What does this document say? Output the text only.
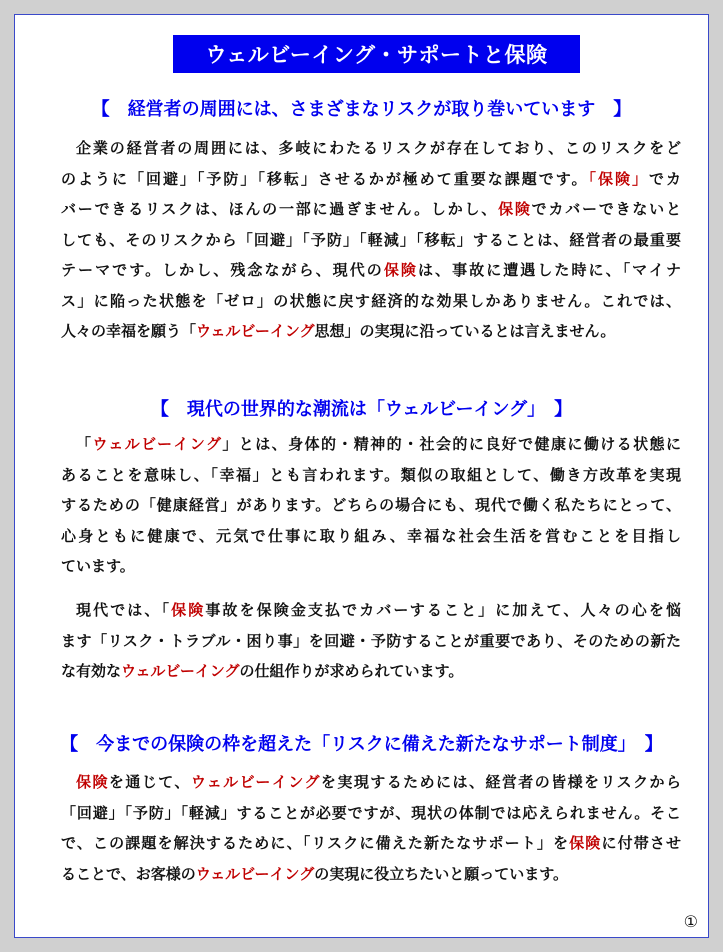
ウェルビーイング・サポートと保険
【　経営者の周囲には、さまざまなリスクが取り巻いています　】
企業の経営者の周囲には、多岐にわたるリスクが存在しており、このリスクをど
のように「回避」「予防」「移転」させるかが極めて重要な課題です。「保険」でカ
バーできるリスクは、ほんの一部に過ぎません。しかし、保険でカバーできないと
しても、そのリスクから「回避」「予防」「軽減」「移転」することは、経営者の最重要
テーマです。しかし、残念ながら、現代の保険は、事故に遭遇した時に、「マイナ
ス」に陥った状態を「ゼロ」の状態に戻す経済的な効果しかありません。これでは、
人々の幸福を願う「ウェルビーイング思想」の実現に沿っているとは言えません。
【　現代の世界的な潮流は「ウェルビーイング」　】
「ウェルビーイング」とは、身体的・精神的・社会的に良好で健康に働ける状態に
あることを意味し、「幸福」とも言われます。類似の取組として、働き方改革を実現
するための「健康経営」があります。どちらの場合にも、現代で働く私たちにとって、
心身ともに健康で、元気で仕事に取り組み、幸福な社会生活を営むことを目指し
ています。
現代では、「保険事故を保険金支払でカバーすること」に加えて、人々の心を悩
ます「リスク・トラブル・困り事」を回避・予防することが重要であり、そのための新た
な有効なウェルビーイングの仕組作りが求められています。
【　今までの保険の枠を超えた「リスクに備えた新たなサポート制度」　】
保険を通じて、ウェルビーイングを実現するためには、経営者の皆様をリスクから
「回避」「予防」「軽減」することが必要ですが、現状の体制では応えられません。そこ
で、この課題を解決するために、「リスクに備えた新たなサポート」を保険に付帯させ
ることで、お客様のウェルビーイングの実現に役立ちたいと願っています。
①
